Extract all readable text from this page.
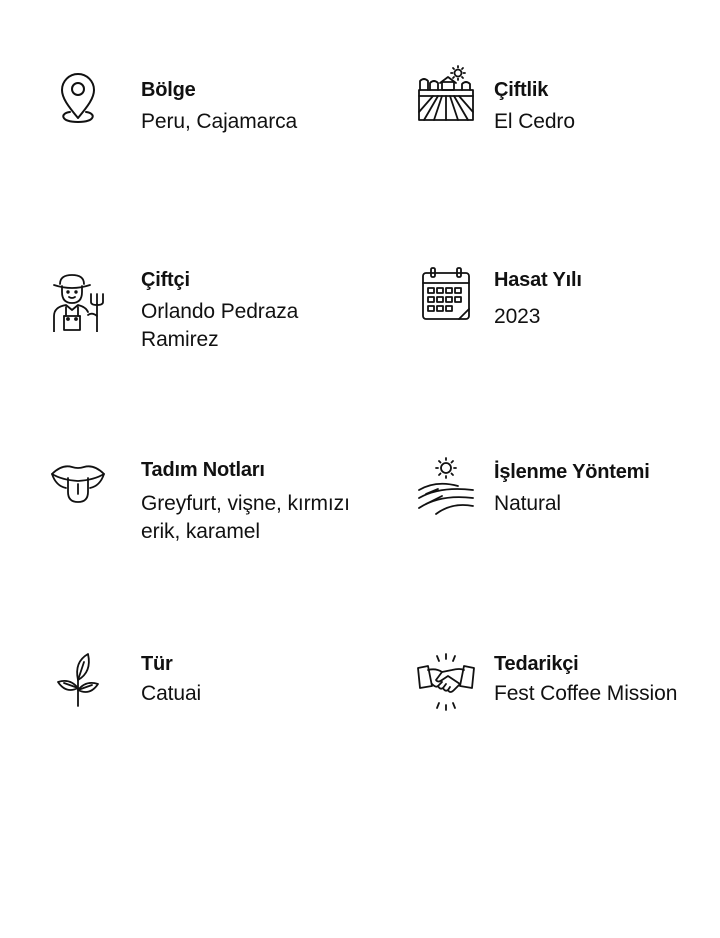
Bölge
Peru, Cajamarca
Çiftlik
El Cedro
Çiftçi
Orlando Pedraza Ramirez
Hasat Yılı
2023
Tadım Notları
Greyfurt, vişne, kırmızı erik, karamel
İşlenme Yöntemi
Natural
Tür
Catuai
Tedarikçi
Fest Coffee Mission
